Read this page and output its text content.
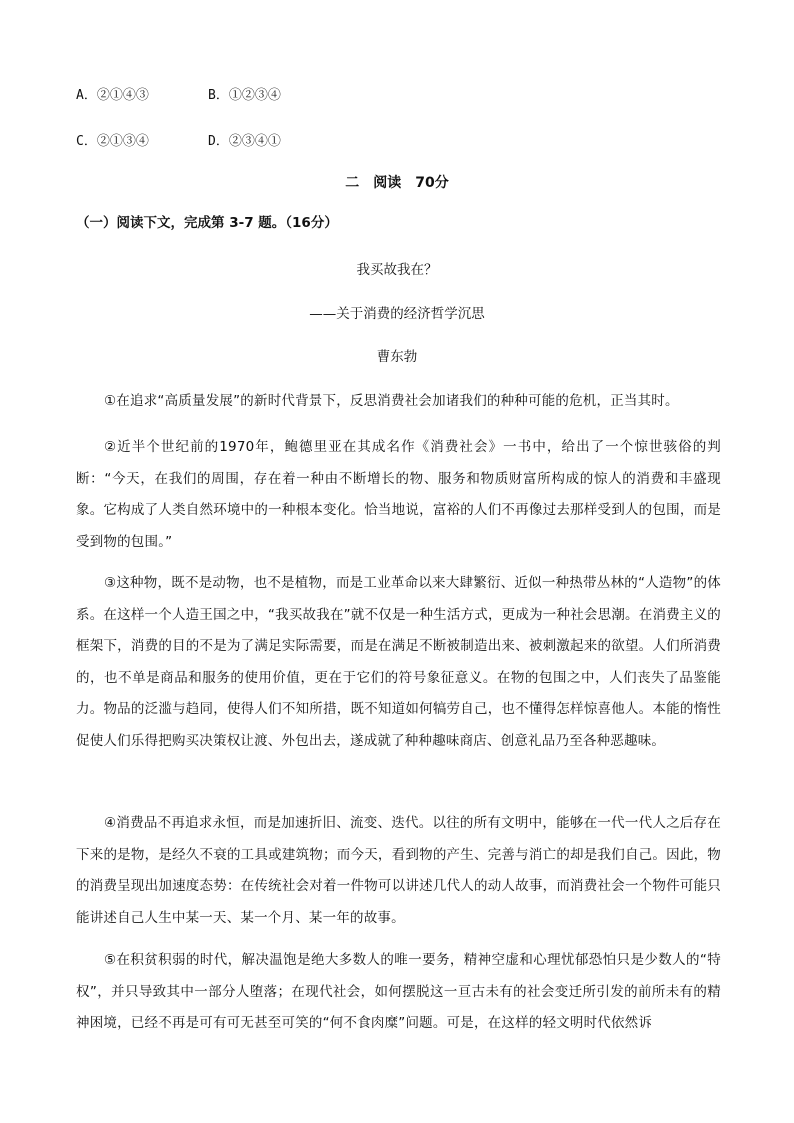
A．②①④③	B．①②③④
C．②①③④	D．②③④①
二　阅读　70分
（一）阅读下文，完成第 3-7 题。（16分）
我买故我在？
——关于消费的经济哲学沉思
曹东勃
①在追求“高质量发展”的新时代背景下，反思消费社会加诸我们的种种可能的危机，正当其时。
②近半个世纪前的1970年，鲍德里亚在其成名作《消费社会》一书中，给出了一个惊世骇俗的判断：“今天，在我们的周围，存在着一种由不断增长的物、服务和物质财富所构成的惊人的消费和丰盛现象。它构成了人类自然环境中的一种根本变化。恰当地说，富裕的人们不再像过去那样受到人的包围，而是受到物的包围。”
③这种物，既不是动物，也不是植物，而是工业革命以来大肆繁衍、近似一种热带丛林的“人造物”的体系。在这样一个人造王国之中，“我买故我在”就不仅是一种生活方式，更成为一种社会思潮。在消费主义的框架下，消费的目的不是为了满足实际需要，而是在满足不断被制造出来、被刺激起来的欲望。人们所消费的，也不单是商品和服务的使用价值，更在于它们的符号象征意义。在物的包围之中，人们丧失了品鉴能力。物品的泛滥与趋同，使得人们不知所措，既不知道如何犒劳自己，也不懂得怎样惊喜他人。本能的惰性促使人们乐得把购买决策权让渡、外包出去，遂成就了种种趣味商店、创意礼品乃至各种恶趣味。
④消费品不再追求永恒，而是加速折旧、流变、迭代。以往的所有文明中，能够在一代一代人之后存在下来的是物，是经久不衰的工具或建筑物；而今天，看到物的产生、完善与消亡的却是我们自己。因此，物的消费呈现出加速度态势：在传统社会对着一件物可以讲述几代人的动人故事，而消费社会一个物件可能只能讲述自己人生中某一天、某一个月、某一年的故事。
⑤在积贫积弱的时代，解决温饱是绝大多数人的唯一要务，精神空虚和心理忧郁恐怕只是少数人的“特权”，并只导致其中一部分人堕落；在现代社会，如何摆脱这一亘古未有的社会变迁所引发的前所未有的精神困境，已经不再是可有可无甚至可笑的“何不食肉糜”问题。可是，在这样的轻文明时代依然诉
